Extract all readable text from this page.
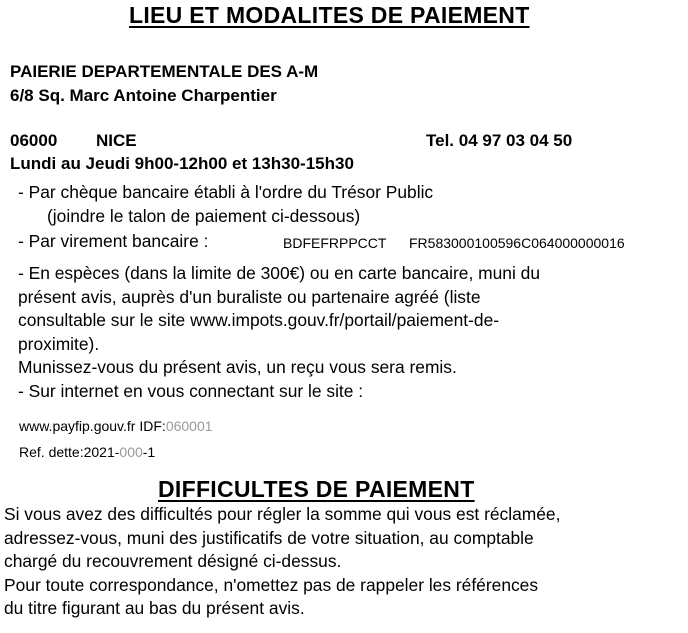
LIEU ET MODALITES DE PAIEMENT
PAIERIE DEPARTEMENTALE DES A-M
6/8 Sq. Marc Antoine Charpentier
06000 NICE	Tel. 04 97 03 04 50
Lundi au Jeudi 9h00-12h00 et 13h30-15h30
- Par chèque bancaire établi à l'ordre du Trésor Public
(joindre le talon de paiement ci-dessous)
- Par virement bancaire :	BDFEFRPPCCT FR583000100596C064000000016
- En espèces (dans la limite de 300€) ou en carte bancaire, muni du
présent avis, auprès d'un buraliste ou partenaire agréé (liste
consultable sur le site www.impots.gouv.fr/portail/paiement-de-
proximite).
Munissez-vous du présent avis, un reçu vous sera remis.
- Sur internet en vous connectant sur le site :
www.payfip.gouv.fr IDF:060001
Ref. dette:2021-000-1
DIFFICULTES DE PAIEMENT
Si vous avez des difficultés pour régler la somme qui vous est réclamée,
adressez-vous, muni des justificatifs de votre situation, au comptable
chargé du recouvrement désigné ci-dessus.
Pour toute correspondance, n'omettez pas de rappeler les références
du titre figurant au bas du présent avis.
